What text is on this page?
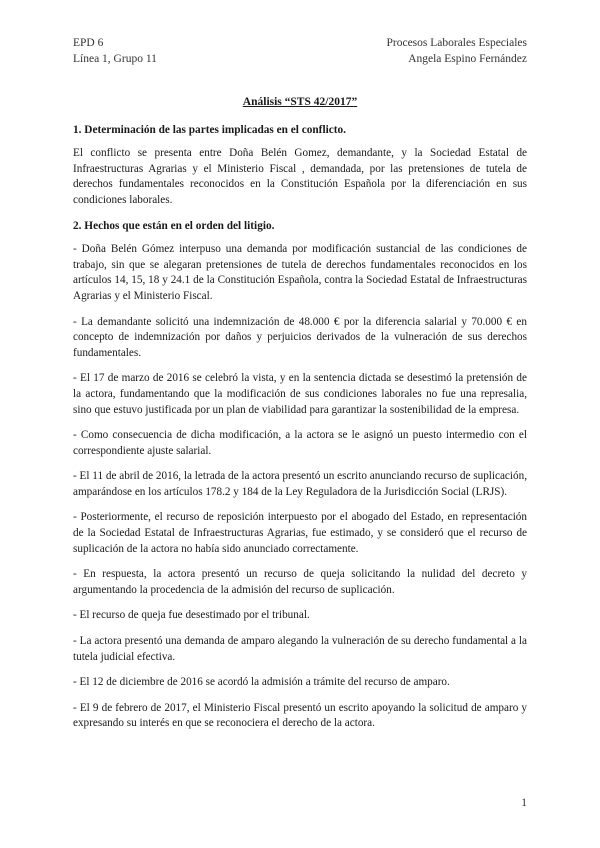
EPD 6
Línea 1, Grupo 11
Procesos Laborales Especiales
Angela Espino Fernández
Análisis “STS 42/2017”
1. Determinación de las partes implicadas en el conflicto.
El conflicto se presenta entre Doña Belén Gomez, demandante, y la Sociedad Estatal de Infraestructuras Agrarias y el Ministerio Fiscal , demandada, por las pretensiones de tutela de derechos fundamentales reconocidos en la Constitución Española por la diferenciación en sus condiciones laborales.
2. Hechos que están en el orden del litigio.
- Doña Belén Gómez interpuso una demanda por modificación sustancial de las condiciones de trabajo, sin que se alegaran pretensiones de tutela de derechos fundamentales reconocidos en los artículos 14, 15, 18 y 24.1 de la Constitución Española, contra la Sociedad Estatal de Infraestructuras Agrarias y el Ministerio Fiscal.
- La demandante solicitó una indemnización de 48.000 € por la diferencia salarial y 70.000 € en concepto de indemnización por daños y perjuicios derivados de la vulneración de sus derechos fundamentales.
- El 17 de marzo de 2016 se celebró la vista, y en la sentencia dictada se desestimó la pretensión de la actora, fundamentando que la modificación de sus condiciones laborales no fue una represalia, sino que estuvo justificada por un plan de viabilidad para garantizar la sostenibilidad de la empresa.
- Como consecuencia de dicha modificación, a la actora se le asignó un puesto intermedio con el correspondiente ajuste salarial.
- El 11 de abril de 2016, la letrada de la actora presentó un escrito anunciando recurso de suplicación, amparándose en los artículos 178.2 y 184 de la Ley Reguladora de la Jurisdicción Social (LRJS).
- Posteriormente, el recurso de reposición interpuesto por el abogado del Estado, en representación de la Sociedad Estatal de Infraestructuras Agrarias, fue estimado, y se consideró que el recurso de suplicación de la actora no había sido anunciado correctamente.
- En respuesta, la actora presentó un recurso de queja solicitando la nulidad del decreto y argumentando la procedencia de la admisión del recurso de suplicación.
- El recurso de queja fue desestimado por el tribunal.
- La actora presentó una demanda de amparo alegando la vulneración de su derecho fundamental a la tutela judicial efectiva.
- El 12 de diciembre de 2016 se acordó la admisión a trámite del recurso de amparo.
- El 9 de febrero de 2017, el Ministerio Fiscal presentó un escrito apoyando la solicitud de amparo y expresando su interés en que se reconociera el derecho de la actora.
1
